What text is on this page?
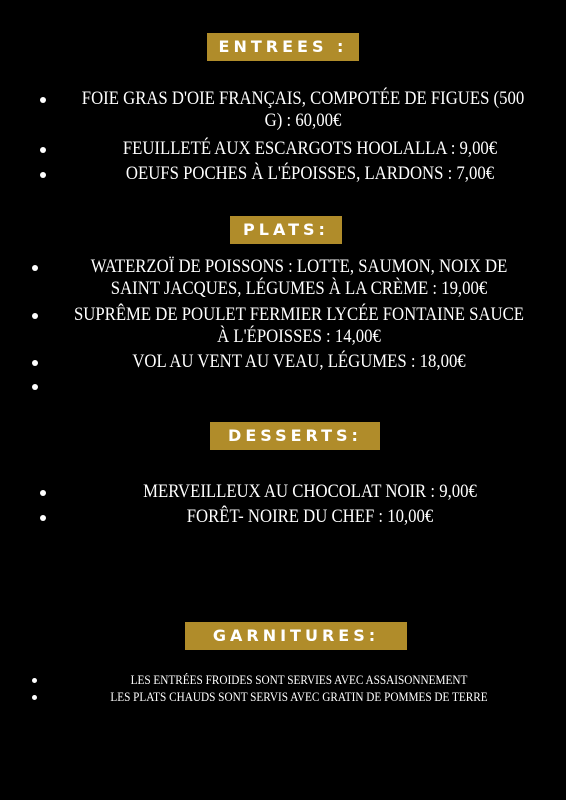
ENTREES :
FOIE GRAS D'OIE FRANÇAIS, COMPOTÉE DE FIGUES (500 G) : 60,00€
FEUILLETÉ AUX ESCARGOTS HOOLALLA : 9,00€
OEUFS POCHES À L'ÉPOISSES, LARDONS : 7,00€
PLATS:
WATERZOÏ DE POISSONS : LOTTE, SAUMON, NOIX DE SAINT JACQUES, LÉGUMES À LA CRÈME : 19,00€
SUPRÊME DE POULET FERMIER LYCÉE FONTAINE SAUCE À L'ÉPOISSES : 14,00€
VOL AU VENT AU VEAU, LÉGUMES : 18,00€
DESSERTS:
MERVEILLEUX AU CHOCOLAT NOIR : 9,00€
FORÊT- NOIRE DU CHEF : 10,00€
GARNITURES:
LES ENTRÉES FROIDES SONT SERVIES AVEC ASSAISONNEMENT
LES PLATS CHAUDS SONT SERVIS AVEC GRATIN DE POMMES DE TERRE
